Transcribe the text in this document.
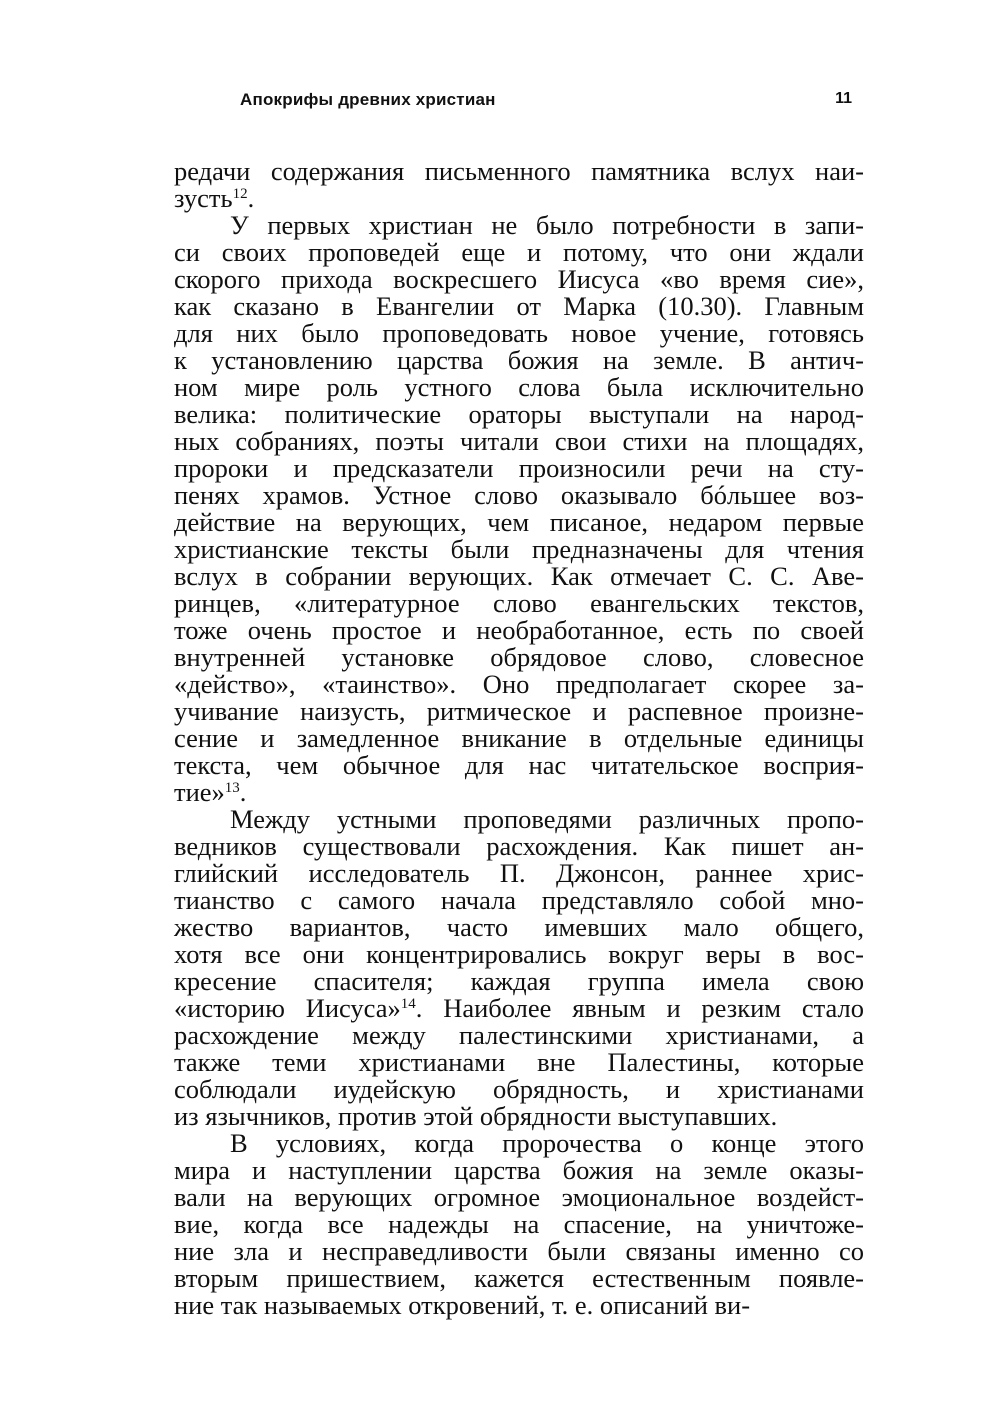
Апокрифы древних христиан	11
редачи содержания письменного памятника вслух наи-
зусть$^{12}$.
У первых христиан не было потребности в запи-
си своих проповедей еще и потому, что они ждали
скорого прихода воскресшего Иисуса «во время сие»,
как сказано в Евангелии от Марка (10.30). Главным
для них было проповедовать новое учение, готовясь
к установлению царства божия на земле. В антич-
ном мире роль устного слова была исключительно
велика: политические ораторы выступали на народ-
ных собраниях, поэты читали свои стихи на площадях,
пророки и предсказатели произносили речи на сту-
пенях храмов. Устное слово оказывало бóльшее воз-
действие на верующих, чем писаное, недаром первые
христианские тексты были предназначены для чтения
вслух в собрании верующих. Как отмечает С. С. Аве-
ринцев, «литературное слово евангельских текстов,
тоже очень простое и необработанное, есть по своей
внутренней установке обрядовое слово, словесное
«действо», «таинство». Оно предполагает скорее за-
учивание наизусть, ритмическое и распевное произне-
сение и замедленное вникание в отдельные единицы
текста, чем обычное для нас читательское восприя-
тие»$^{13}$.
Между устными проповедями различных пропо-
ведников существовали расхождения. Как пишет ан-
глийский исследователь П. Джонсон, раннее хрис-
тианство с самого начала представляло собой мно-
жество вариантов, часто имевших мало общего,
хотя все они концентрировались вокруг веры в вос-
кресение спасителя; каждая группа имела свою
«историю Иисуса»$^{14}$. Наиболее явным и резким стало
расхождение между палестинскими христианами, а
также теми христианами вне Палестины, которые
соблюдали иудейскую обрядность, и христианами
из язычников, против этой обрядности выступавших.
В условиях, когда пророчества о конце этого
мира и наступлении царства божия на земле оказы-
вали на верующих огромное эмоциональное воздейст-
вие, когда все надежды на спасение, на уничтоже-
ние зла и несправедливости были связаны именно со
вторым пришествием, кажется естественным появле-
ние так называемых откровений, т. е. описаний ви-
